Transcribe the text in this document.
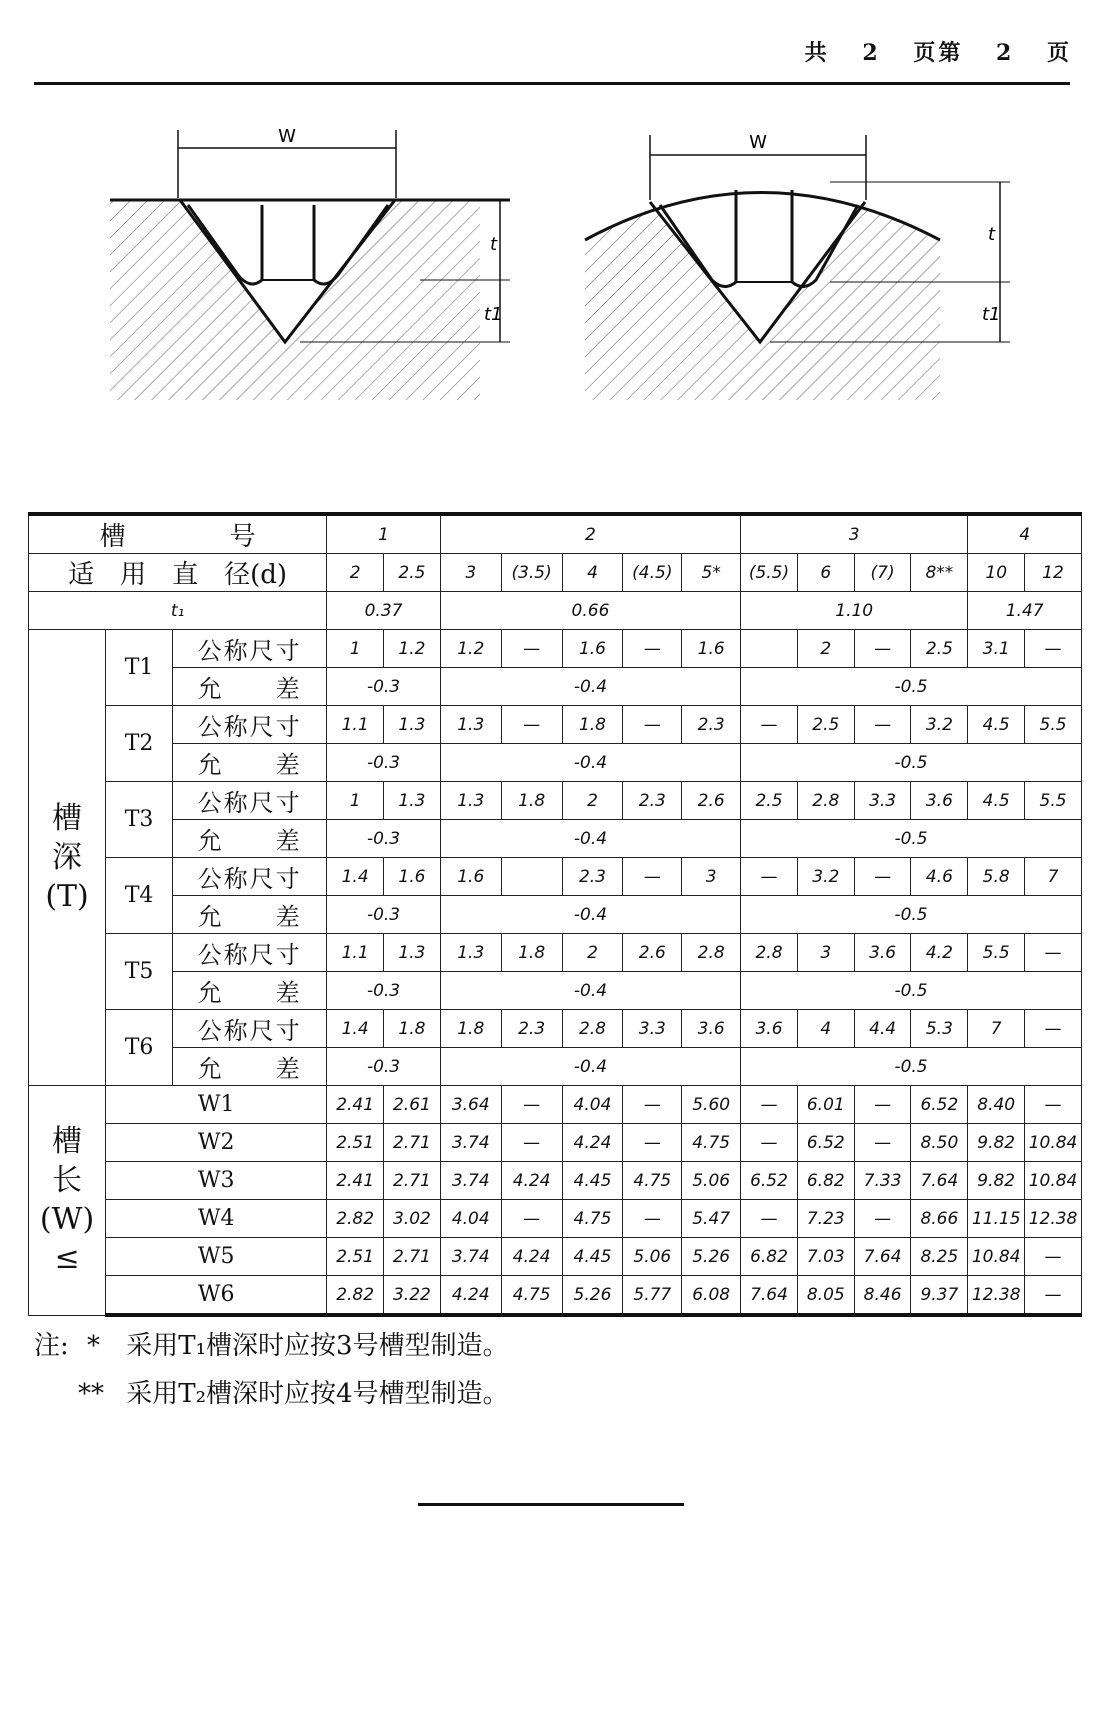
共 2 页第 2 页
W
t
t1
W
t
t1
槽　　　　号			1		2					3				4	
适　用　直　径(d)			2	2.5	3	(3.5)	4	(4.5)	5*	(5.5)	6	(7)	8**	10	12
t₁			0.37		0.66					1.10				1.47	
槽
深
(T)	T1	公称尺寸	1	1.2	1.2	—	1.6	—	1.6		2	—	2.5	3.1	—
		允　　差	-0.3		-0.4					-0.5					
	T2	公称尺寸	1.1	1.3	1.3	—	1.8	—	2.3	—	2.5	—	3.2	4.5	5.5
		允　　差	-0.3		-0.4					-0.5					
	T3	公称尺寸	1	1.3	1.3	1.8	2	2.3	2.6	2.5	2.8	3.3	3.6	4.5	5.5
		允　　差	-0.3		-0.4					-0.5					
	T4	公称尺寸	1.4	1.6	1.6		2.3	—	3	—	3.2	—	4.6	5.8	7
		允　　差	-0.3		-0.4					-0.5					
	T5	公称尺寸	1.1	1.3	1.3	1.8	2	2.6	2.8	2.8	3	3.6	4.2	5.5	—
		允　　差	-0.3		-0.4					-0.5					
	T6	公称尺寸	1.4	1.8	1.8	2.3	2.8	3.3	3.6	3.6	4	4.4	5.3	7	—
		允　　差	-0.3		-0.4					-0.5					
槽
长
(W)
≤	W1		2.41	2.61	3.64	—	4.04	—	5.60	—	6.01	—	6.52	8.40	—
	W2		2.51	2.71	3.74	—	4.24	—	4.75	—	6.52	—	8.50	9.82	10.84
	W3		2.41	2.71	3.74	4.24	4.45	4.75	5.06	6.52	6.82	7.33	7.64	9.82	10.84
	W4		2.82	3.02	4.04	—	4.75	—	5.47	—	7.23	—	8.66	11.15	12.38
	W5		2.51	2.71	3.74	4.24	4.45	5.06	5.26	6.82	7.03	7.64	8.25	10.84	—
	W6		2.82	3.22	4.24	4.75	5.26	5.77	6.08	7.64	8.05	8.46	9.37	12.38	—
注: * 采用T₁槽深时应按3号槽型制造。
** 采用T₂槽深时应按4号槽型制造。
